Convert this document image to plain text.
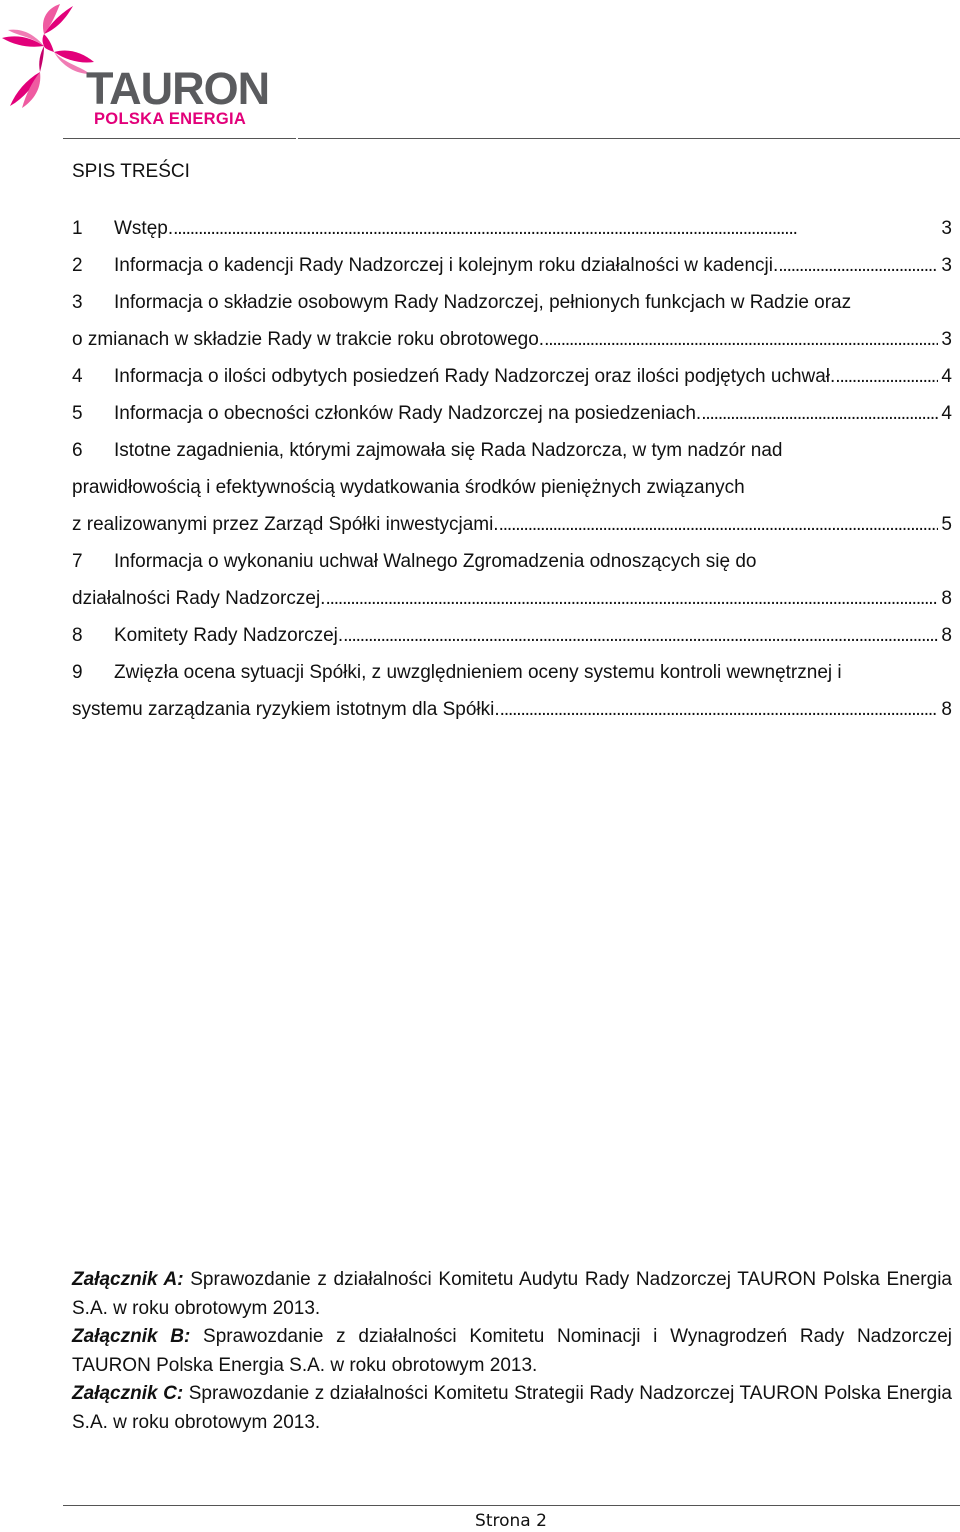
TAURON
POLSKA ENERGIA
SPIS TREŚCI
1	Wstęp. . . .	3
2	Informacja o kadencji Rady Nadzorczej i kolejnym roku działalności w kadencji. . . .	3
3	Informacja o składzie osobowym Rady Nadzorczej, pełnionych funkcjach w Radzie oraz
o zmianach w składzie Rady w trakcie roku obrotowego. . . .	3
4	Informacja o ilości odbytych posiedzeń Rady Nadzorczej oraz ilości podjętych uchwał. . . .	4
5	Informacja o obecności członków Rady Nadzorczej na posiedzeniach. . . .	4
6	Istotne zagadnienia, którymi zajmowała się Rada Nadzorcza, w tym nadzór nad
prawidłowością i efektywnością wydatkowania środków pieniężnych związanych
z realizowanymi przez Zarząd Spółki inwestycjami. . . .	5
7	Informacja o wykonaniu uchwał Walnego Zgromadzenia odnoszących się do
działalności Rady Nadzorczej. . . .	8
8	Komitety Rady Nadzorczej. . . .	8
9	Zwięzła ocena sytuacji Spółki, z uwzględnieniem oceny systemu kontroli wewnętrznej i
systemu zarządzania ryzykiem istotnym dla Spółki. . . .	8

Załącznik A: Sprawozdanie z działalności Komitetu Audytu Rady Nadzorczej TAURON Polska Energia S.A. w roku obrotowym 2013.

Załącznik B: Sprawozdanie z działalności Komitetu Nominacji i Wynagrodzeń Rady Nadzorczej TAURON Polska Energia S.A. w roku obrotowym 2013.

Załącznik C: Sprawozdanie z działalności Komitetu Strategii Rady Nadzorczej TAURON Polska Energia S.A. w roku obrotowym 2013.

Strona 2
